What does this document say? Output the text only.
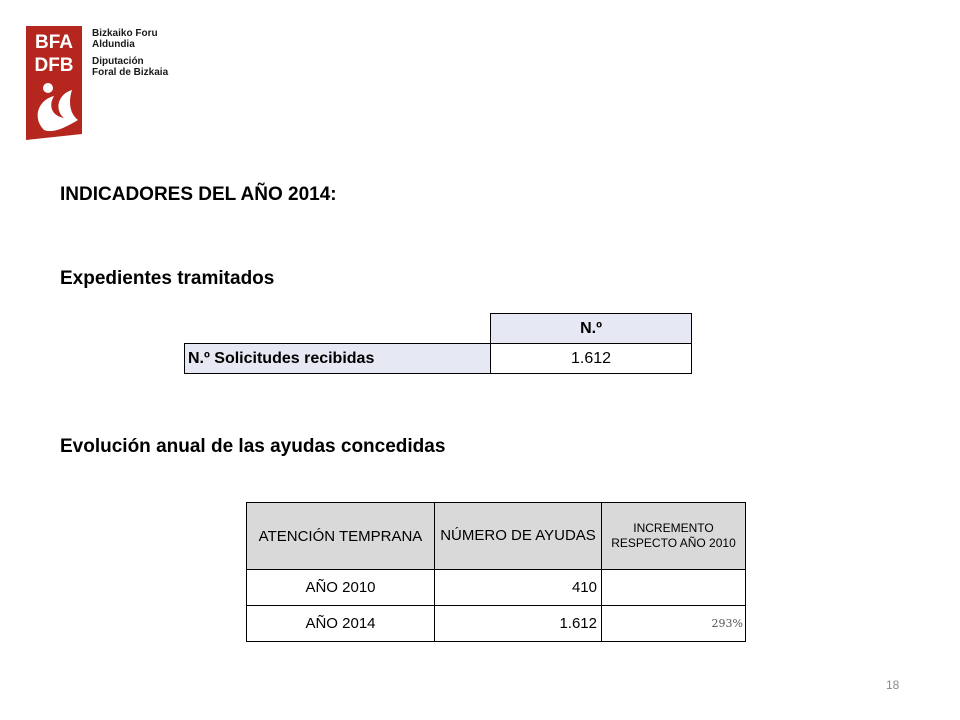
BFA
DFB
Bizkaiko Foru
Aldundia
Diputación
Foral de Bizkaia
INDICADORES DEL AÑO 2014:
Expedientes tramitados
	N.º
N.º Solicitudes recibidas	1.612
Evolución anual de las ayudas concedidas
ATENCIÓN TEMPRANA	NÚMERO DE AYUDAS	INCREMENTO RESPECTO AÑO 2010
AÑO 2010	410	
AÑO 2014	1.612	293%
18
